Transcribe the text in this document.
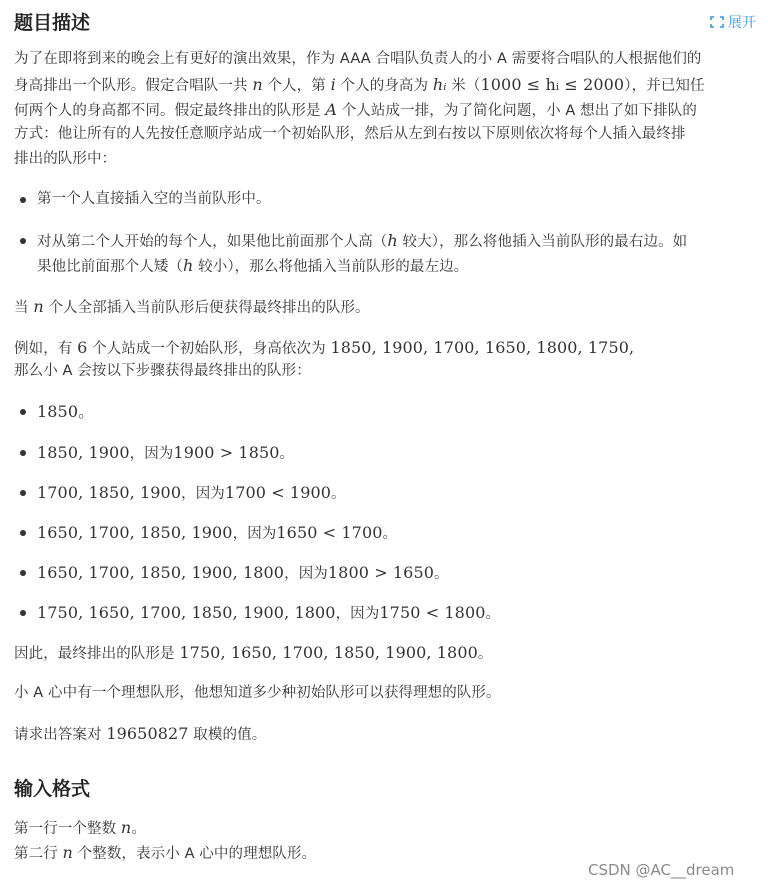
题目描述	展开
为了在即将到来的晚会上有更好的演出效果，作为 AAA 合唱队负责人的小 A 需要将合唱队的人根据他们的
身高排出一个队形。假定合唱队一共 n 个人，第 i 个人的身高为 hᵢ 米（1000 ≤ hᵢ ≤ 2000），并已知任
何两个人的身高都不同。假定最终排出的队形是 A 个人站成一排，为了简化问题，小 A 想出了如下排队的
方式：他让所有的人先按任意顺序站成一个初始队形，然后从左到右按以下原则依次将每个人插入最终排
排出的队形中：
第一个人直接插入空的当前队形中。
对从第二个人开始的每个人，如果他比前面那个人高（h 较大），那么将他插入当前队形的最右边。如
果他比前面那个人矮（h 较小），那么将他插入当前队形的最左边。
当 n 个人全部插入当前队形后便获得最终排出的队形。
例如，有 6 个人站成一个初始队形，身高依次为 1850, 1900, 1700, 1650, 1800, 1750,
那么小 A 会按以下步骤获得最终排出的队形：
1850。
1850, 1900，因为1900 > 1850。
1700, 1850, 1900，因为1700 < 1900。
1650, 1700, 1850, 1900，因为1650 < 1700。
1650, 1700, 1850, 1900, 1800，因为1800 > 1650。
1750, 1650, 1700, 1850, 1900, 1800，因为1750 < 1800。
因此，最终排出的队形是 1750, 1650, 1700, 1850, 1900, 1800。
小 A 心中有一个理想队形，他想知道多少种初始队形可以获得理想的队形。
请求出答案对 19650827 取模的值。
输入格式
第一行一个整数 n。
第二行 n 个整数，表示小 A 心中的理想队形。
CSDN @AC__dream
